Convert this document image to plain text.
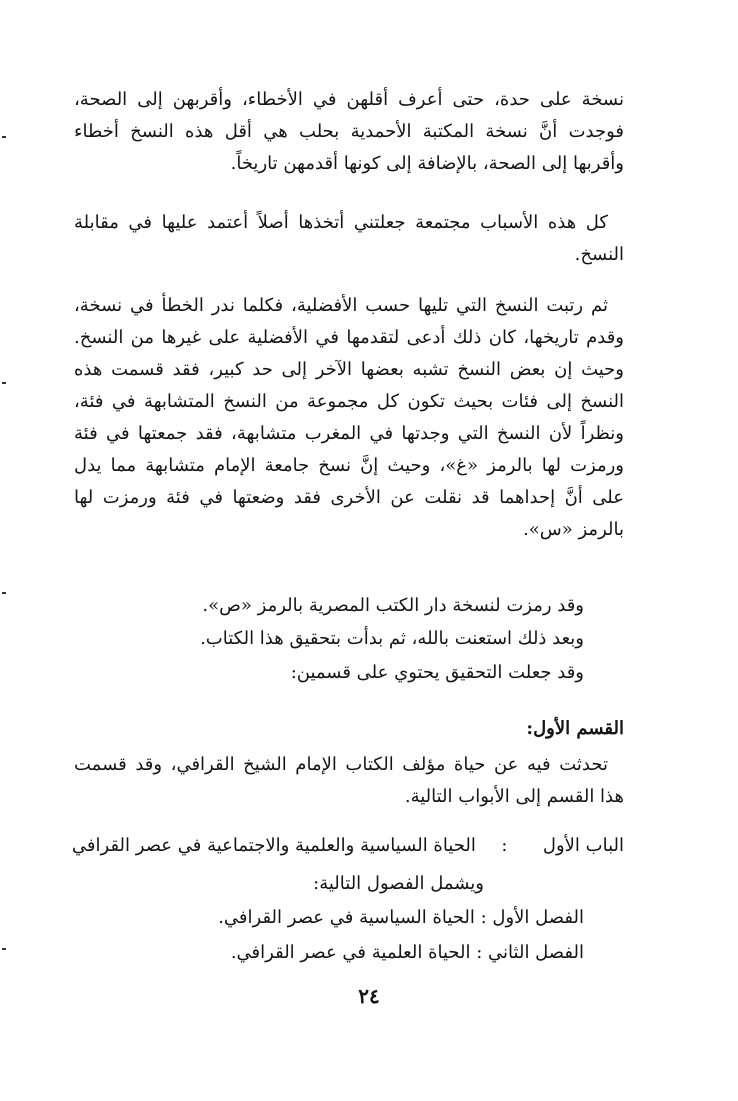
نسخة على حدة، حتى أعرف أقلهن في الأخطاء، وأقربهن إلى الصحة، فوجدت أنَّ نسخة المكتبة الأحمدية بحلب هي أقل هذه النسخ أخطاء وأقربها إلى الصحة، بالإضافة إلى كونها أقدمهن تاريخاً.
كل هذه الأسباب مجتمعة جعلتني أتخذها أصلاً أعتمد عليها في مقابلة النسخ.
ثم رتبت النسخ التي تليها حسب الأفضلية، فكلما ندر الخطأ في نسخة، وقدم تاريخها، كان ذلك أدعى لتقدمها في الأفضلية على غيرها من النسخ. وحيث إن بعض النسخ تشبه بعضها الآخر إلى حد كبير، فقد قسمت هذه النسخ إلى فئات بحيث تكون كل مجموعة من النسخ المتشابهة في فئة، ونظراً لأن النسخ التي وجدتها في المغرب متشابهة، فقد جمعتها في فئة ورمزت لها بالرمز «غ»، وحيث إنَّ نسخ جامعة الإمام متشابهة مما يدل على أنَّ إحداهما قد نقلت عن الأخرى فقد وضعتها في فئة ورمزت لها بالرمز «س».
وقد رمزت لنسخة دار الكتب المصرية بالرمز «ص».
وبعد ذلك استعنت بالله، ثم بدأت بتحقيق هذا الكتاب.
وقد جعلت التحقيق يحتوي على قسمين:
القسم الأول:
تحدثت فيه عن حياة مؤلف الكتاب الإمام الشيخ القرافي، وقد قسمت هذا القسم إلى الأبواب التالية.
الباب الأول  :  الحياة السياسية والعلمية والاجتماعية في عصر القرافي
ويشمل الفصول التالية:
الفصل الأول : الحياة السياسية في عصر القرافي.
الفصل الثاني : الحياة العلمية في عصر القرافي.
٢٤
